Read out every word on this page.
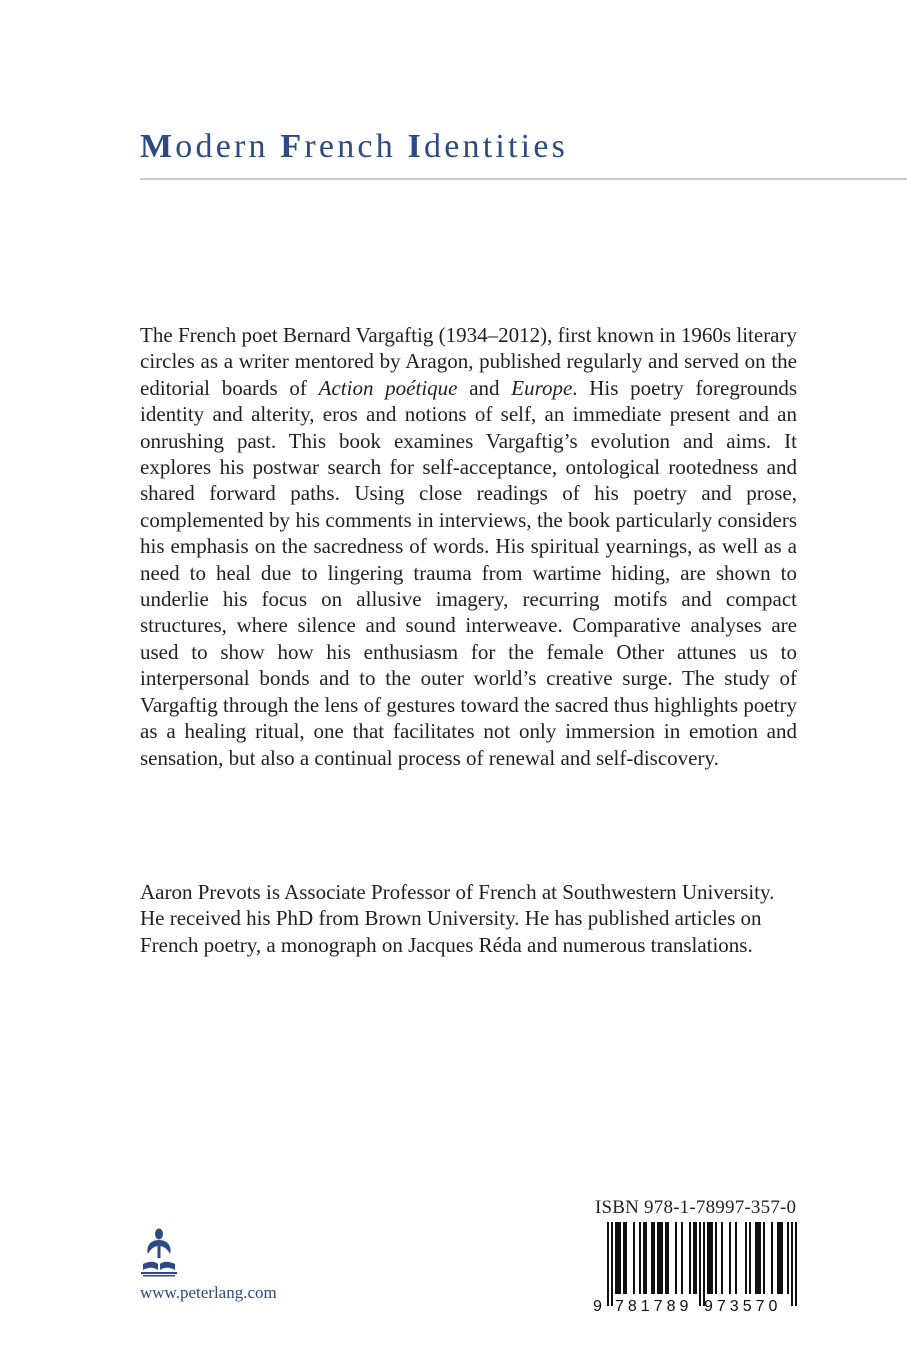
Modern French Identities

The French poet Bernard Vargaftig (1934–2012), first known in 1960s literary circles as a writer mentored by Aragon, published regularly and served on the editorial boards of Action poétique and Europe. His poetry foregrounds identity and alterity, eros and notions of self, an immediate present and an onrushing past. This book examines Vargaftig’s evolution and aims. It explores his postwar search for self-acceptance, ontological rootedness and shared forward paths. Using close readings of his poetry and prose, complemented by his comments in interviews, the book particularly considers his emphasis on the sacredness of words. His spiritual yearnings, as well as a need to heal due to lingering trauma from wartime hiding, are shown to underlie his focus on allusive imagery, recurring motifs and compact structures, where silence and sound interweave. Comparative analyses are used to show how his enthusiasm for the female Other attunes us to interpersonal bonds and to the outer world’s creative surge. The study of Vargaftig through the lens of gestures toward the sacred thus highlights poetry as a healing ritual, one that facilitates not only immersion in emotion and sensation, but also a continual process of renewal and self-discovery.

Aaron Prevots is Associate Professor of French at Southwestern University.
He received his PhD from Brown University. He has published articles on
French poetry, a monograph on Jacques Réda and numerous translations.

www.peterlang.com
ISBN 978-1-78997-357-0
9 781789 973570
